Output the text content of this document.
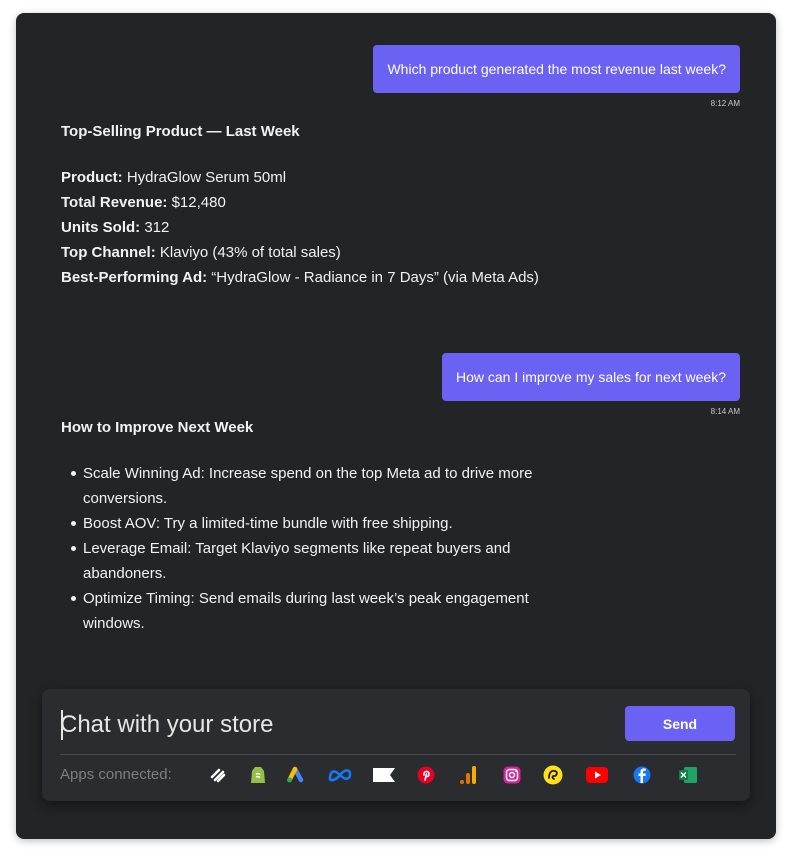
Which product generated the most revenue last week?
8:12 AM
Top-Selling Product — Last Week
Product: HydraGlow Serum 50ml
Total Revenue: $12,480
Units Sold: 312
Top Channel: Klaviyo (43% of total sales)
Best-Performing Ad: “HydraGlow - Radiance in 7 Days” (via Meta Ads)
How can I improve my sales for next week?
8:14 AM
How to Improve Next Week
Scale Winning Ad: Increase spend on the top Meta ad to drive more conversions.
Boost AOV: Try a limited-time bundle with free shipping.
Leverage Email: Target Klaviyo segments like repeat buyers and abandoners.
Optimize Timing: Send emails during last week’s peak engagement windows.
Chat with your store
Send
Apps connected:
